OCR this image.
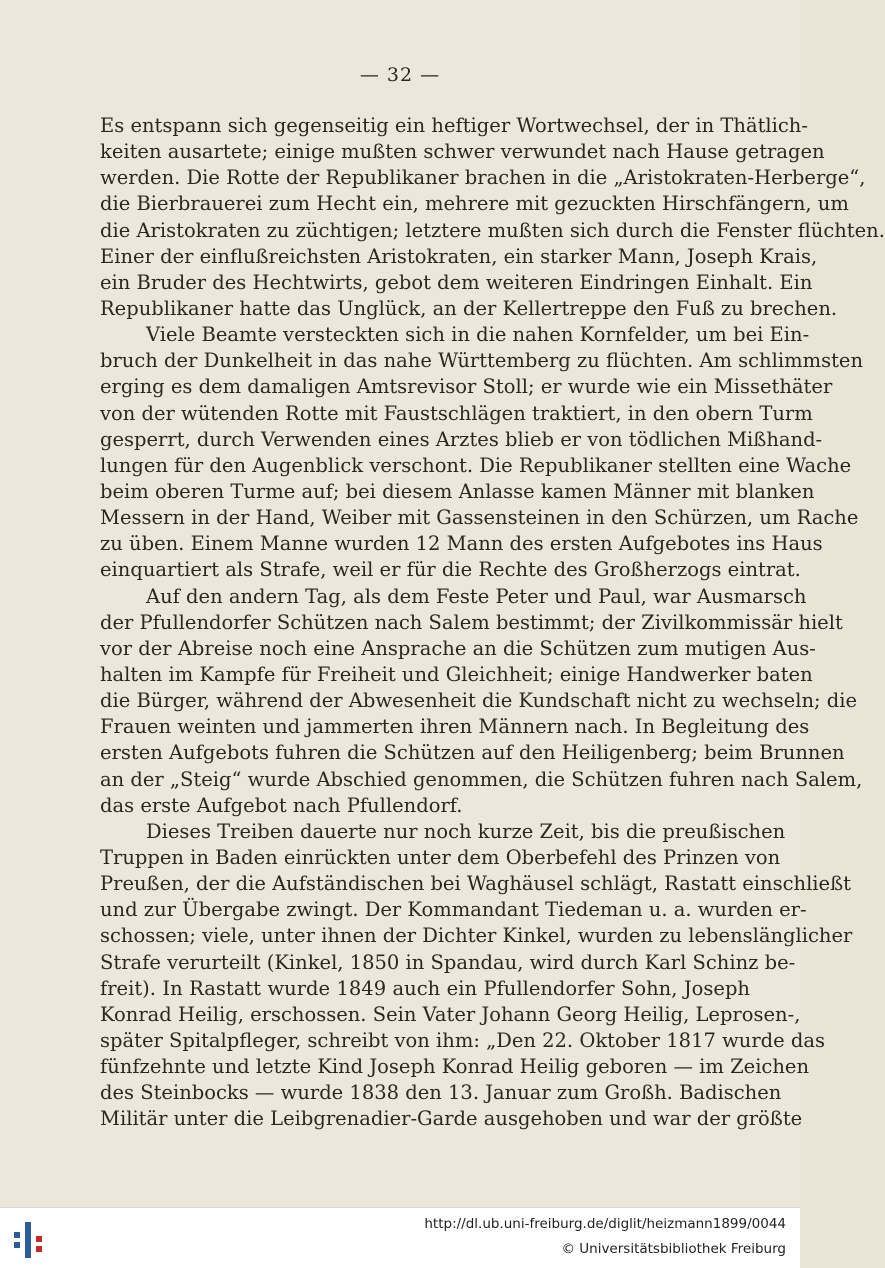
— 32 —
Es entspann sich gegenseitig ein heftiger Wortwechsel, der in Thätlich-
keiten ausartete; einige mußten schwer verwundet nach Hause getragen
werden. Die Rotte der Republikaner brachen in die „Aristokraten-Herberge“,
die Bierbrauerei zum Hecht ein, mehrere mit gezuckten Hirschfängern, um
die Aristokraten zu züchtigen; letztere mußten sich durch die Fenster flüchten.
Einer der einflußreichsten Aristokraten, ein starker Mann, Joseph Krais,
ein Bruder des Hechtwirts, gebot dem weiteren Eindringen Einhalt. Ein
Republikaner hatte das Unglück, an der Kellertreppe den Fuß zu brechen.
Viele Beamte versteckten sich in die nahen Kornfelder, um bei Ein-
bruch der Dunkelheit in das nahe Württemberg zu flüchten. Am schlimmsten
erging es dem damaligen Amtsrevisor Stoll; er wurde wie ein Missethäter
von der wütenden Rotte mit Faustschlägen traktiert, in den obern Turm
gesperrt, durch Verwenden eines Arztes blieb er von tödlichen Mißhand-
lungen für den Augenblick verschont. Die Republikaner stellten eine Wache
beim oberen Turme auf; bei diesem Anlasse kamen Männer mit blanken
Messern in der Hand, Weiber mit Gassensteinen in den Schürzen, um Rache
zu üben. Einem Manne wurden 12 Mann des ersten Aufgebotes ins Haus
einquartiert als Strafe, weil er für die Rechte des Großherzogs eintrat.
Auf den andern Tag, als dem Feste Peter und Paul, war Ausmarsch
der Pfullendorfer Schützen nach Salem bestimmt; der Zivilkommissär hielt
vor der Abreise noch eine Ansprache an die Schützen zum mutigen Aus-
halten im Kampfe für Freiheit und Gleichheit; einige Handwerker baten
die Bürger, während der Abwesenheit die Kundschaft nicht zu wechseln; die
Frauen weinten und jammerten ihren Männern nach. In Begleitung des
ersten Aufgebots fuhren die Schützen auf den Heiligenberg; beim Brunnen
an der „Steig“ wurde Abschied genommen, die Schützen fuhren nach Salem,
das erste Aufgebot nach Pfullendorf.
Dieses Treiben dauerte nur noch kurze Zeit, bis die preußischen
Truppen in Baden einrückten unter dem Oberbefehl des Prinzen von
Preußen, der die Aufständischen bei Waghäusel schlägt, Rastatt einschließt
und zur Übergabe zwingt. Der Kommandant Tiedeman u. a. wurden er-
schossen; viele, unter ihnen der Dichter Kinkel, wurden zu lebenslänglicher
Strafe verurteilt (Kinkel, 1850 in Spandau, wird durch Karl Schinz be-
freit). In Rastatt wurde 1849 auch ein Pfullendorfer Sohn, Joseph
Konrad Heilig, erschossen. Sein Vater Johann Georg Heilig, Leprosen-,
später Spitalpfleger, schreibt von ihm: „Den 22. Oktober 1817 wurde das
fünfzehnte und letzte Kind Joseph Konrad Heilig geboren — im Zeichen
des Steinbocks — wurde 1838 den 13. Januar zum Großh. Badischen
Militär unter die Leibgrenadier-Garde ausgehoben und war der größte
http://dl.ub.uni-freiburg.de/diglit/heizmann1899/0044
© Universitätsbibliothek Freiburg
